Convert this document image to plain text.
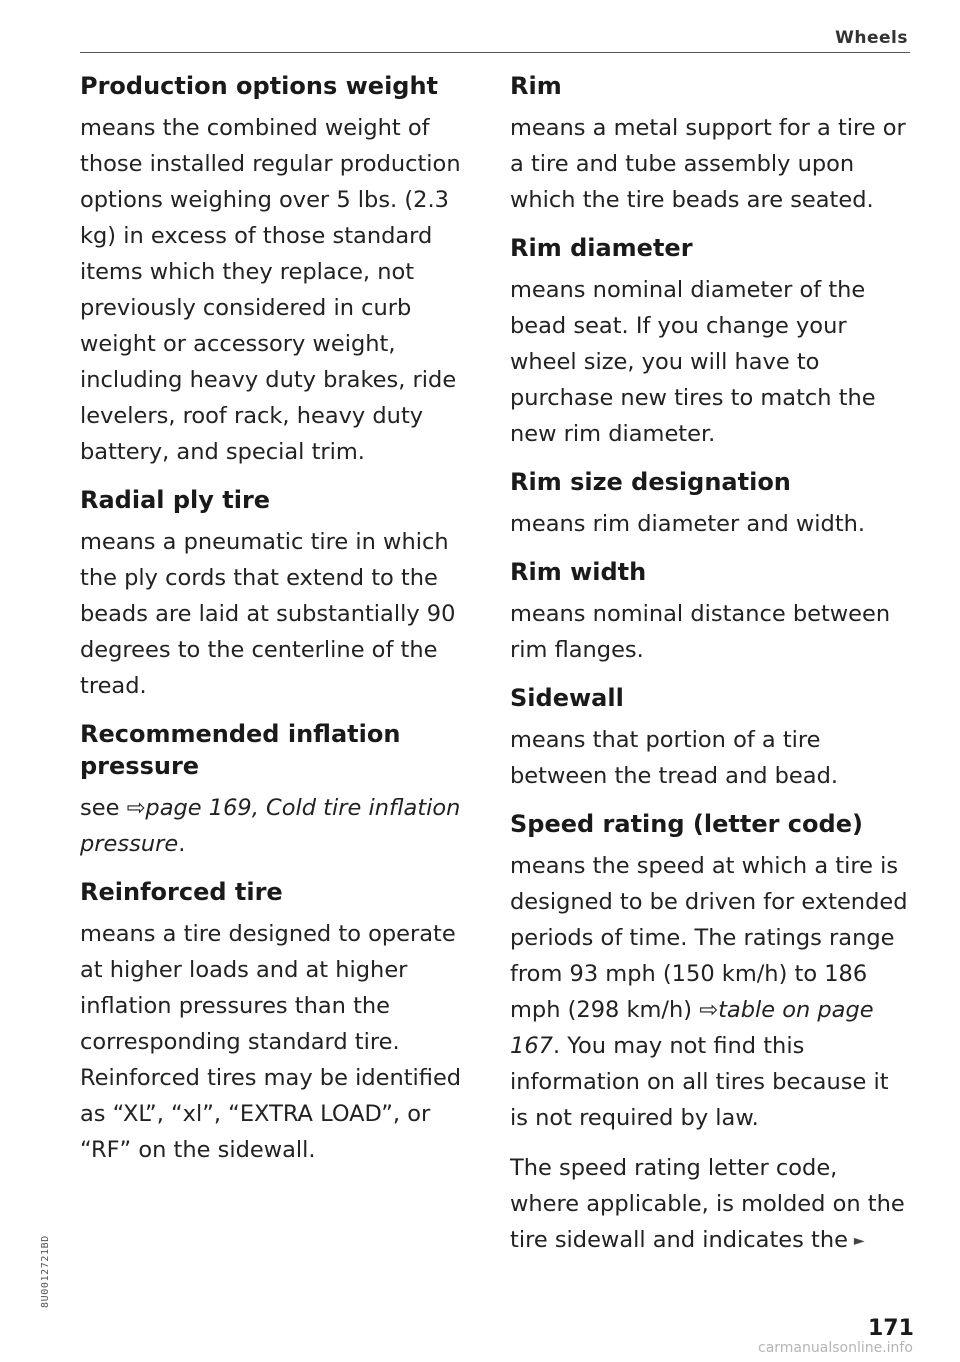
Wheels
Production options weight

means the combined weight of those installed regular production options weighing over 5 lbs. (2.3 kg) in excess of those standard items which they replace, not previously considered in curb weight or accessory weight, including heavy duty brakes, ride levelers, roof rack, heavy duty battery, and special trim.

Radial ply tire

means a pneumatic tire in which the ply cords that extend to the beads are laid at substantially 90 degrees to the centerline of the tread.

Recommended inflation pressure

see ⇨page 169, Cold tire inflation pressure.

Reinforced tire

means a tire designed to operate at higher loads and at higher inflation pressures than the corresponding standard tire. Reinforced tires may be identified as “XL”, “xl”, “EXTRA LOAD”, or “RF” on the sidewall.

Rim

means a metal support for a tire or a tire and tube assembly upon which the tire beads are seated.

Rim diameter

means nominal diameter of the bead seat. If you change your wheel size, you will have to purchase new tires to match the new rim diameter.

Rim size designation

means rim diameter and width.

Rim width

means nominal distance between rim flanges.

Sidewall

means that portion of a tire between the tread and bead.

Speed rating (letter code)

means the speed at which a tire is designed to be driven for extended periods of time. The ratings range from 93 mph (150 km/h) to 186 mph (298 km/h) ⇨table on page 167. You may not find this information on all tires because it is not required by law.

The speed rating letter code, where applicable, is molded on the tire sidewall and indicates the ►

171
8U0012721BD
carmanualsonline.info
